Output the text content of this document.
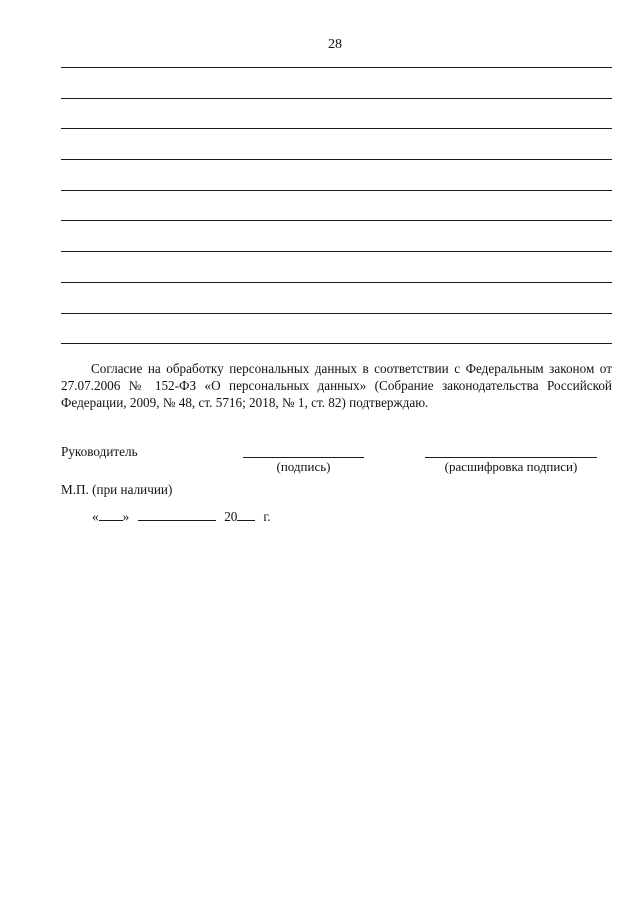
28

Согласие на обработку персональных данных в соответствии с Федеральным законом от 27.07.2006 № 152-ФЗ «О персональных данных» (Собрание законодательства Российской Федерации, 2009, № 48, ст. 5716; 2018, № 1, ст. 82) подтверждаю.

Руководитель
(подпись)	(расшифровка подписи)
М.П. (при наличии)
« »	20 г.
